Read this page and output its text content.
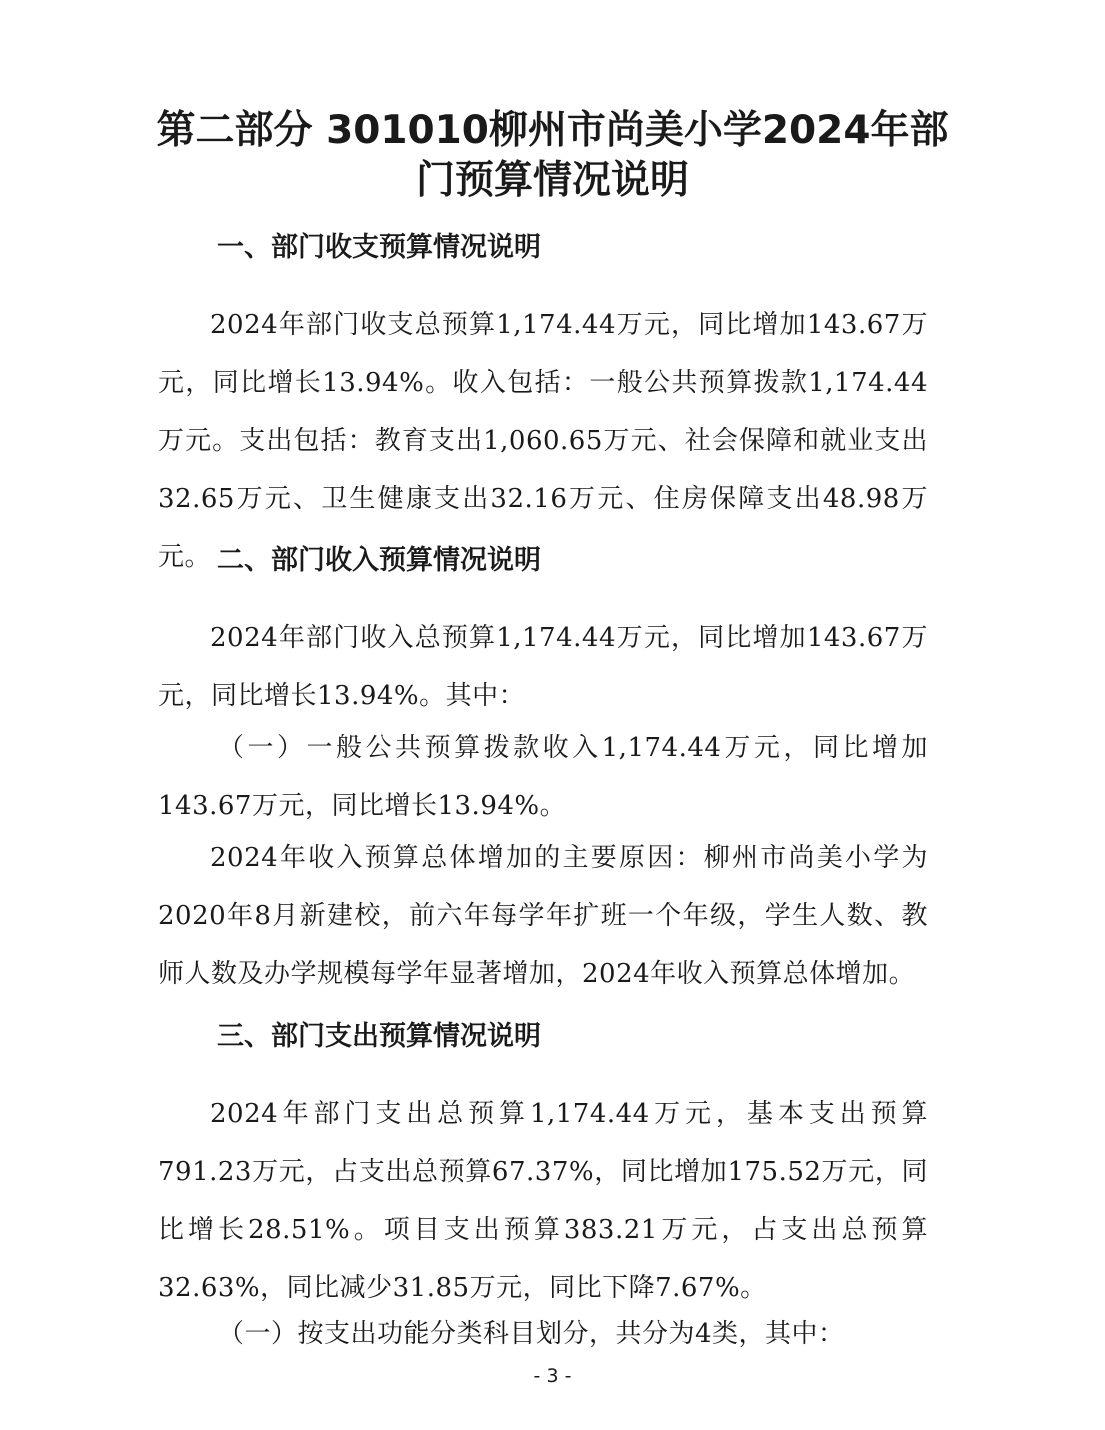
第二部分 301010柳州市尚美小学2024年部门预算情况说明
一、部门收支预算情况说明

2024年部门收支总预算1,174.44万元，同比增加143.67万元，同比增长13.94%。收入包括：一般公共预算拨款1,174.44万元。支出包括：教育支出1,060.65万元、社会保障和就业支出32.65万元、卫生健康支出32.16万元、住房保障支出48.98万元。 二、部门收入预算情况说明

2024年部门收入总预算1,174.44万元，同比增加143.67万元，同比增长13.94%。其中：

（一）一般公共预算拨款收入1,174.44万元，同比增加143.67万元，同比增长13.94%。

2024年收入预算总体增加的主要原因：柳州市尚美小学为2020年8月新建校，前六年每学年扩班一个年级，学生人数、教师人数及办学规模每学年显著增加，2024年收入预算总体增加。

三、部门支出预算情况说明

2024年部门支出总预算1,174.44万元，基本支出预算791.23万元，占支出总预算67.37%，同比增加175.52万元，同比增长28.51%。项目支出预算383.21万元，占支出总预算32.63%，同比减少31.85万元，同比下降7.67%。

（一）按支出功能分类科目划分，共分为4类，其中：

- 3 -
